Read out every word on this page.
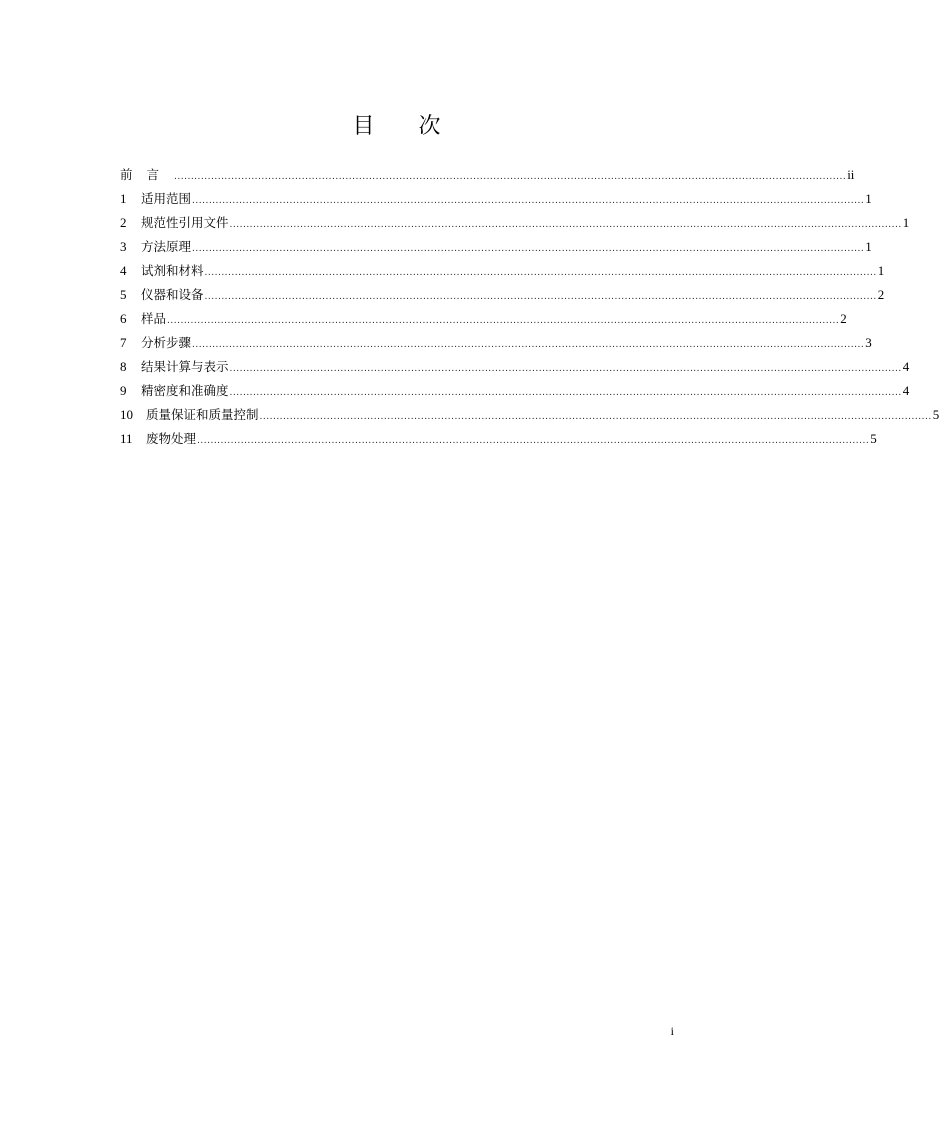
目 次
前言 ........................................................................................................................................................................................................ ii
1	适用范围 ........................................................................................................................................................................................................ 1
2	规范性引用文件 ........................................................................................................................................................................................................ 1
3	方法原理 ........................................................................................................................................................................................................ 1
4	试剂和材料 ........................................................................................................................................................................................................ 1
5	仪器和设备 ........................................................................................................................................................................................................ 2
6	样品 ........................................................................................................................................................................................................ 2
7	分析步骤 ........................................................................................................................................................................................................ 3
8	结果计算与表示 ........................................................................................................................................................................................................ 4
9	精密度和准确度 ........................................................................................................................................................................................................ 4
10	质量保证和质量控制 ........................................................................................................................................................................................................ 5
11	废物处理 ........................................................................................................................................................................................................ 5
i
